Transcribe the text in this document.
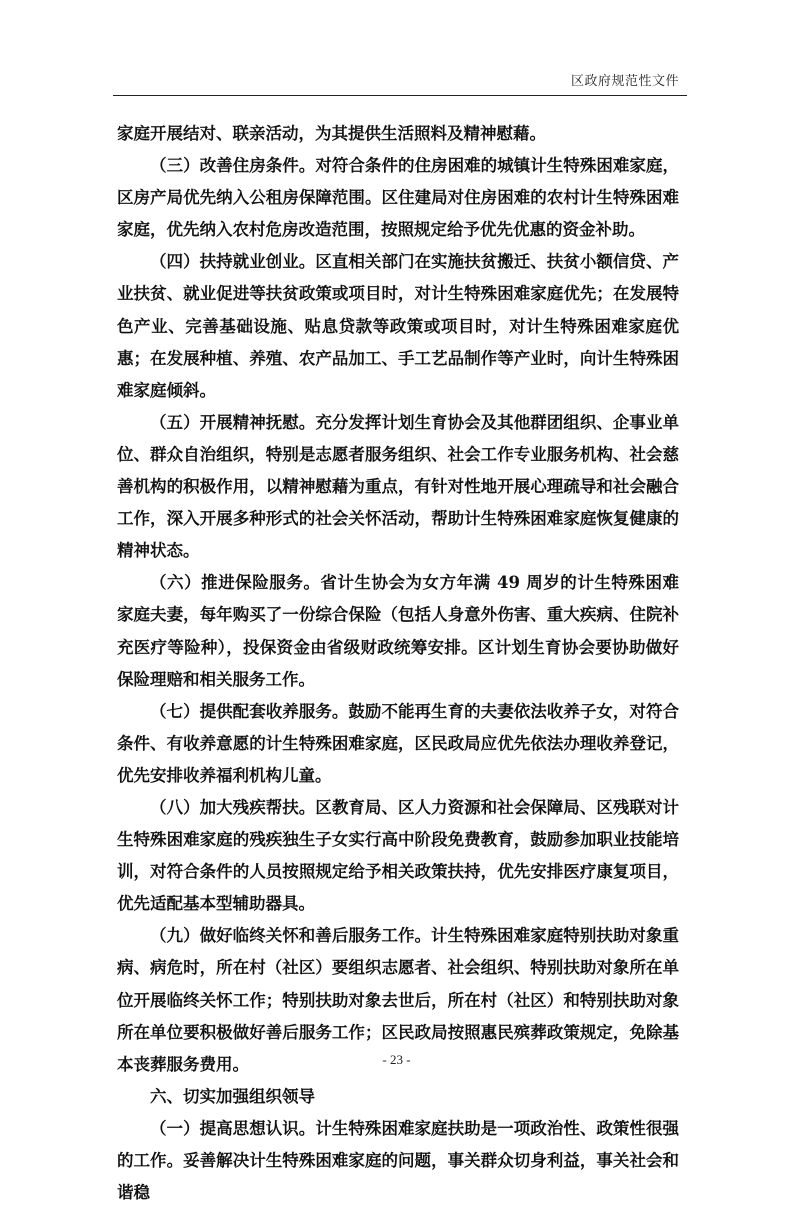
区政府规范性文件

家庭开展结对、联亲活动，为其提供生活照料及精神慰藉。

（三）改善住房条件。对符合条件的住房困难的城镇计生特殊困难家庭，区房产局优先纳入公租房保障范围。区住建局对住房困难的农村计生特殊困难家庭，优先纳入农村危房改造范围，按照规定给予优先优惠的资金补助。

（四）扶持就业创业。区直相关部门在实施扶贫搬迁、扶贫小额信贷、产业扶贫、就业促进等扶贫政策或项目时，对计生特殊困难家庭优先；在发展特色产业、完善基础设施、贴息贷款等政策或项目时，对计生特殊困难家庭优惠；在发展种植、养殖、农产品加工、手工艺品制作等产业时，向计生特殊困难家庭倾斜。

（五）开展精神抚慰。充分发挥计划生育协会及其他群团组织、企事业单位、群众自治组织，特别是志愿者服务组织、社会工作专业服务机构、社会慈善机构的积极作用，以精神慰藉为重点，有针对性地开展心理疏导和社会融合工作，深入开展多种形式的社会关怀活动，帮助计生特殊困难家庭恢复健康的精神状态。

（六）推进保险服务。省计生协会为女方年满 49 周岁的计生特殊困难家庭夫妻，每年购买了一份综合保险（包括人身意外伤害、重大疾病、住院补充医疗等险种），投保资金由省级财政统筹安排。区计划生育协会要协助做好保险理赔和相关服务工作。

（七）提供配套收养服务。鼓励不能再生育的夫妻依法收养子女，对符合条件、有收养意愿的计生特殊困难家庭，区民政局应优先依法办理收养登记，优先安排收养福利机构儿童。

（八）加大残疾帮扶。区教育局、区人力资源和社会保障局、区残联对计生特殊困难家庭的残疾独生子女实行高中阶段免费教育，鼓励参加职业技能培训，对符合条件的人员按照规定给予相关政策扶持，优先安排医疗康复项目，优先适配基本型辅助器具。

（九）做好临终关怀和善后服务工作。计生特殊困难家庭特别扶助对象重病、病危时，所在村（社区）要组织志愿者、社会组织、特别扶助对象所在单位开展临终关怀工作；特别扶助对象去世后，所在村（社区）和特别扶助对象所在单位要积极做好善后服务工作；区民政局按照惠民殡葬政策规定，免除基本丧葬服务费用。

六、切实加强组织领导

（一）提高思想认识。计生特殊困难家庭扶助是一项政治性、政策性很强的工作。妥善解决计生特殊困难家庭的问题，事关群众切身利益，事关社会和谐稳

- 23 -
